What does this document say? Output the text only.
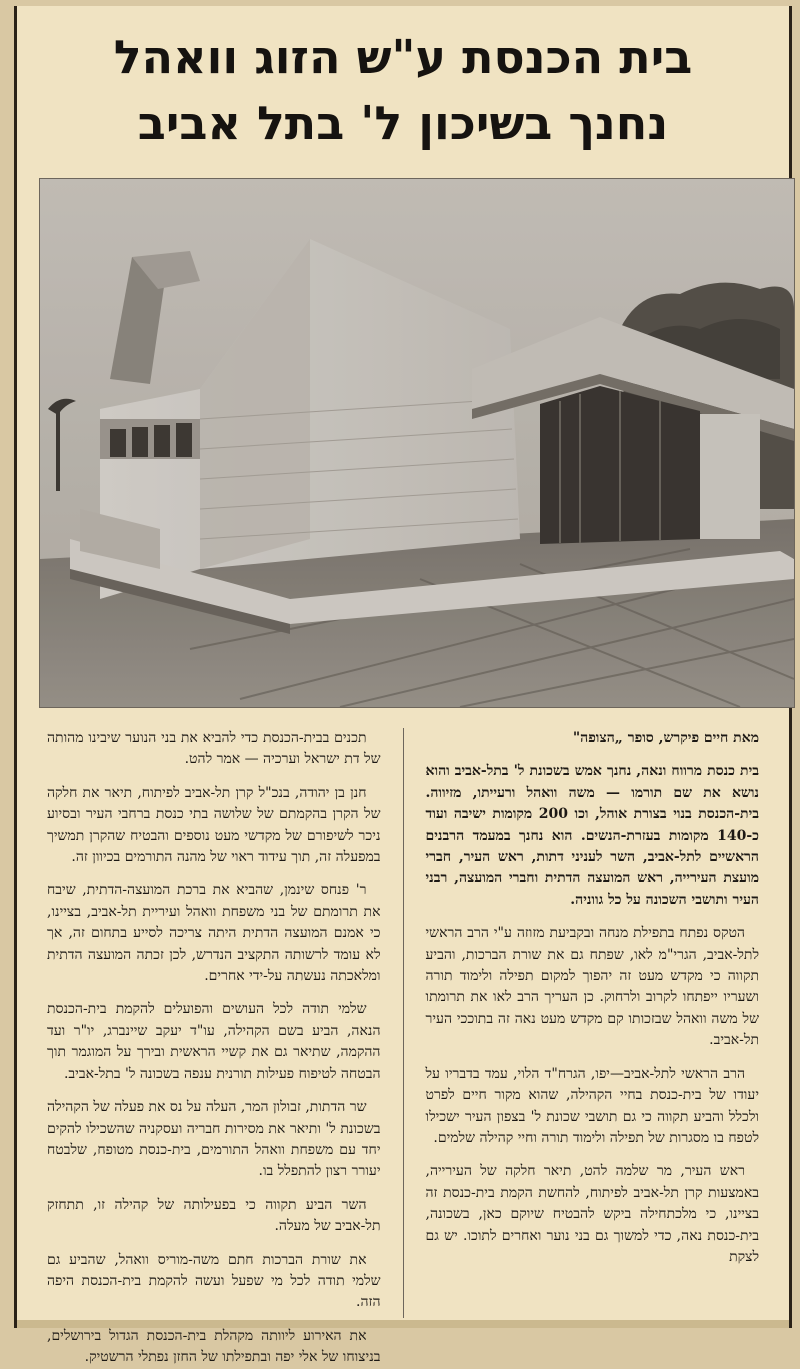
בית הכנסת ע"ש הזוג וואהל
נחנך בשיכון ל' בתל אביב

מאת חיים פיקרש, סופר „הצופה"

בית כנסת מרווח ונאה, נחנך אמש בשכונת ל' בתל-אביב והוא נושא את שם תורמו — משה וואהל ורעייתו, מזיווה. בית-הכנסת בנוי בצורת אוהל, וכו 200 מקומות ישיבה ועוד כ-140 מקומות בעזרת-הנשים. הוא נחנך במעמד הרבנים הראשיים לתל-אביב, השר לעניני דתות, ראש העיר, חברי מועצת העירייה, ראש המועצה הדתית וחברי המועצה, רבני העיר ותושבי השכונה על כל גווניה.

הטקס נפתח בתפילת מנחה ובקביעת מזוזה ע"י הרב הראשי לתל-אביב, הגרי"מ לאו, שפתח גם את שורת הברכות, והביע תקווה כי מקדש מעט זה יהפוך למקום תפילה ולימוד תורה ושעריו ייפתחו לקרוב ולרחוק. כן העריך הרב לאו את תרומתו של משה וואהל שבזכותו קם מקדש מעט נאה זה בתוככי העיר תל-אביב.

הרב הראשי לתל-אביב—יפו, הגרח"ד הלוי, עמד בדבריו על יעודו של בית-כנסת בחיי הקהילה, שהוא מקור חיים לפרט ולכלל והביע תקווה כי גם תושבי שכונת ל' בצפון העיר ישכילו לטפח בו מסגרות של תפילה ולימוד תורה וחיי קהילה שלמים.

ראש העיר, מר שלמה להט, תיאר חלקה של העירייה, באמצעות קרן תל-אביב לפיתוח, להחשת הקמת בית-כנסת זה בציינו, כי מלכתחילה ביקש להבטיח שיוקם כאן, בשכונה, בית-כנסת נאה, כדי למשוך גם בני נוער ואחרים לתוכו. יש גם לצקת

תכנים בבית-הכנסת כדי להביא את בני הנוער שיבינו מהותה של דת ישראל וערכיה — אמר להט.

חנן בן יהודה, בנכ"ל קרן תל-אביב לפיתוח, תיאר את חלקה של הקרן בהקמתם של שלושה בתי כנסת ברחבי העיר ובסיוע ניכר לשיפורם של מקדשי מעט נוספים והבטיח שהקרן תמשיך במפעלה זה, תוך עידוד ראוי של מהנה התורמים בכיוון זה.

ר' פנחס שינמן, שהביא את ברכת המועצה-הדתית, שיבח את תרומתם של בני משפחת וואהל ועיריית תל-אביב, בציינו, כי אמנם המועצה הדתית היתה צריכה לסייע בתחום זה, אך לא עומד לרשותה התקציב הנדרש, לכן זכתה המועצה הדתית ומלאכתה נעשתה על-ידי אחרים.

שלמי תודה לכל העושים והפועלים להקמת בית-הכנסת הנאה, הביע בשם הקהילה, עו"ד יעקב שיינברג, יו"ר ועד ההקמה, שתיאר גם את קשיי הראשית ובירך על המוגמר תוך הבטחה לטיפוח פעילות תורנית ענפה בשכונה ל' בתל-אביב.

שר הדתות, זבולון המר, העלה על נס את פעלה של הקהילה בשכונת ל' ותיאר את מסירות חבריה ועסקניה שהשכילו להקים יחד עם משפחת וואהל התורמים, בית-כנסת מטופח, שלבטח יעורר רצון להתפלל בו.

השר הביע תקווה כי בפעילותה של קהילה זו, תתחזק תל-אביב של מעלה.

את שורת הברכות חתם משה-מוריס וואהל, שהביע גם שלמי תודה לכל מי שפעל ועשה להקמת בית-הכנסת היפה הזה.

את האירוע ליוותה מקהלת בית-הכנסת הגדול בירושלים, בניצוחו של אלי יפה ובתפילתו של החזן נפתלי הרשטיק.
